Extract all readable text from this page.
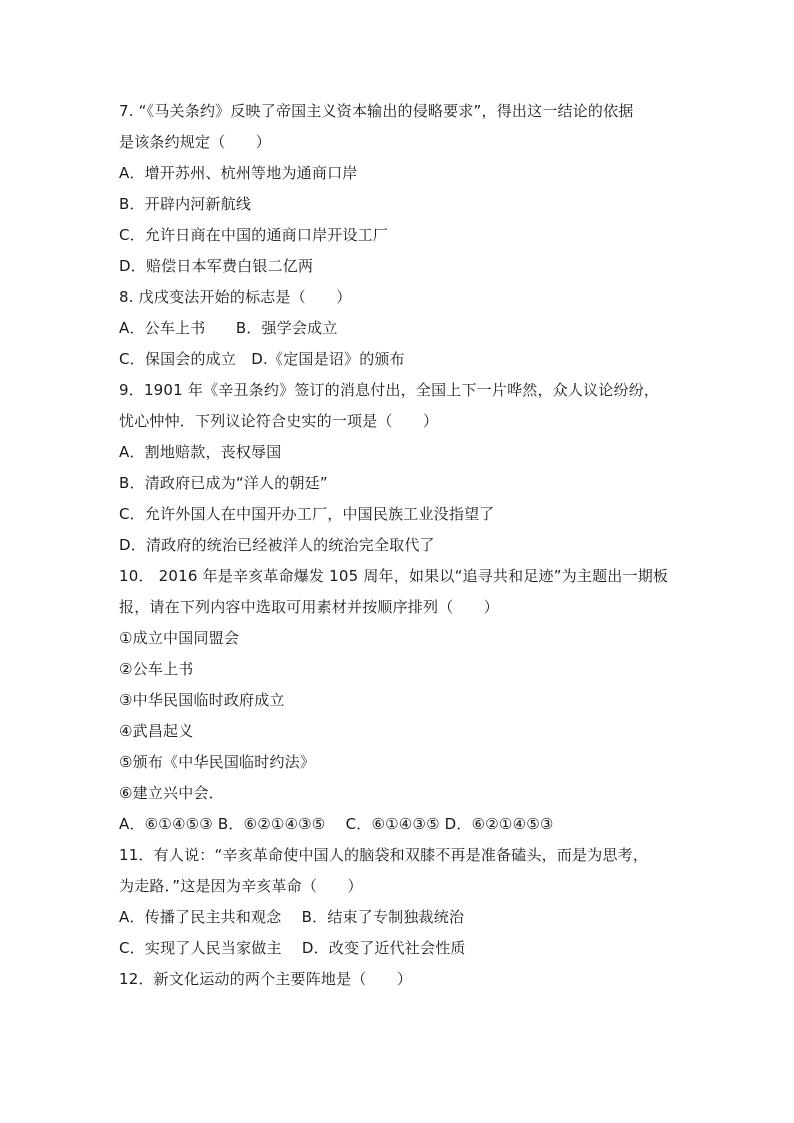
7. “《马关条约》反映了帝国主义资本输出的侵略要求”，得出这一结论的依据
是该条约规定（　　）
A．增开苏州、杭州等地为通商口岸
B．开辟内河新航线
C．允许日商在中国的通商口岸开设工厂
D．赔偿日本军费白银二亿两
8. 戊戌变法开始的标志是（　　）
A．公车上书　　B．强学会成立
C．保国会的成立　D.《定国是诏》的颁布
9．1901 年《辛丑条约》签订的消息付出，全国上下一片哗然，众人议论纷纷，
忧心忡忡．下列议论符合史实的一项是（　　）
A．割地赔款，丧权辱国
B．清政府已成为“洋人的朝廷”
C．允许外国人在中国开办工厂，中国民族工业没指望了
D．清政府的统治已经被洋人的统治完全取代了
10． 2016 年是辛亥革命爆发 105 周年，如果以“追寻共和足迹”为主题出一期板
报，请在下列内容中选取可用素材并按顺序排列（　　）
①成立中国同盟会
②公车上书
③中华民国临时政府成立
④武昌起义
⑤颁布《中华民国临时约法》
⑥建立兴中会．
A．⑥①④⑤③ B．⑥②①④③⑤　 C．⑥①④③⑤ D．⑥②①④⑤③
11．有人说：“辛亥革命使中国人的脑袋和双膝不再是准备磕头，而是为思考，
为走路．”这是因为辛亥革命（　　）
A．传播了民主共和观念　 B．结束了专制独裁统治
C．实现了人民当家做主　 D．改变了近代社会性质
12．新文化运动的两个主要阵地是（　　）
